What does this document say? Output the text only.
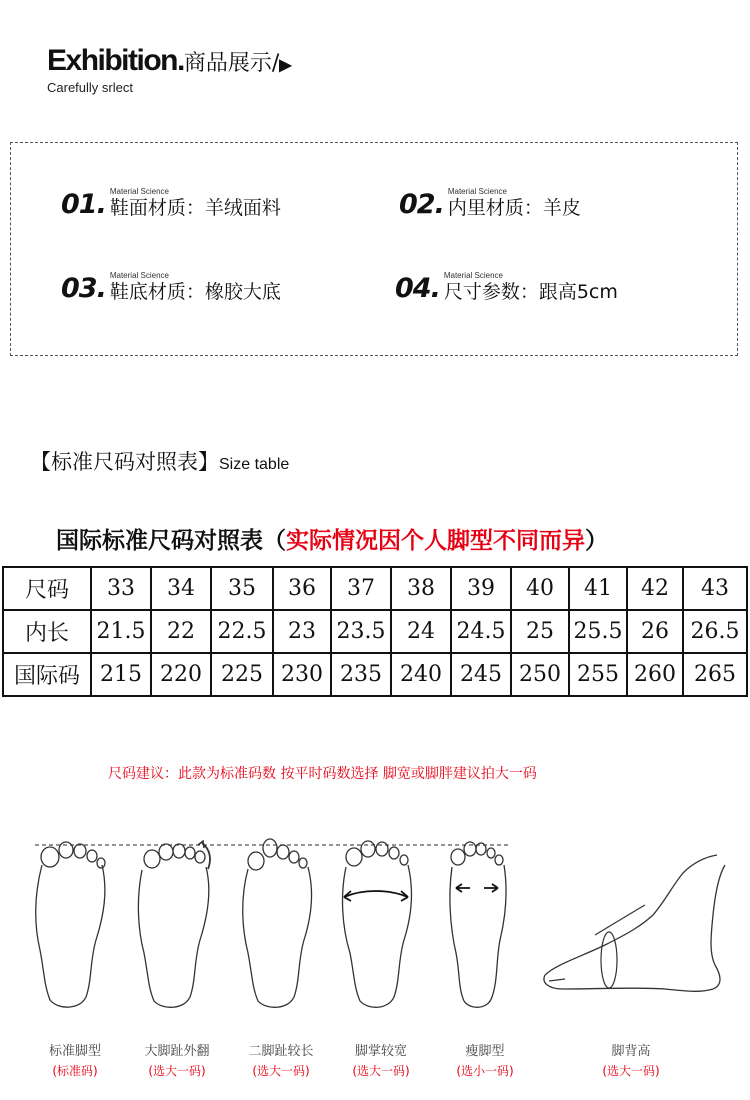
Exhibition.商品展示/▶
Carefully srlect
01. Material Science
鞋面材质：羊绒面料	02. Material Science
内里材质：羊皮
03. Material Science
鞋底材质：橡胶大底	04. Material Science
尺寸参数：跟高5cm
【标准尺码对照表】Size table
国际标准尺码对照表（实际情况因个人脚型不同而异）
尺码	33	34	35	36	37	38	39	40	41	42	43
内长	21.5	22	22.5	23	23.5	24	24.5	25	25.5	26	26.5
国际码	215	220	225	230	235	240	245	250	255	260	265
尺码建议：此款为标准码数 按平时码数选择 脚宽或脚胖建议拍大一码
标准脚型
(标准码)
大脚趾外翻
(选大一码)
二脚趾较长
(选大一码)
脚掌较宽
(选大一码)
瘦脚型
(选小一码)
脚背高
(选大一码)
